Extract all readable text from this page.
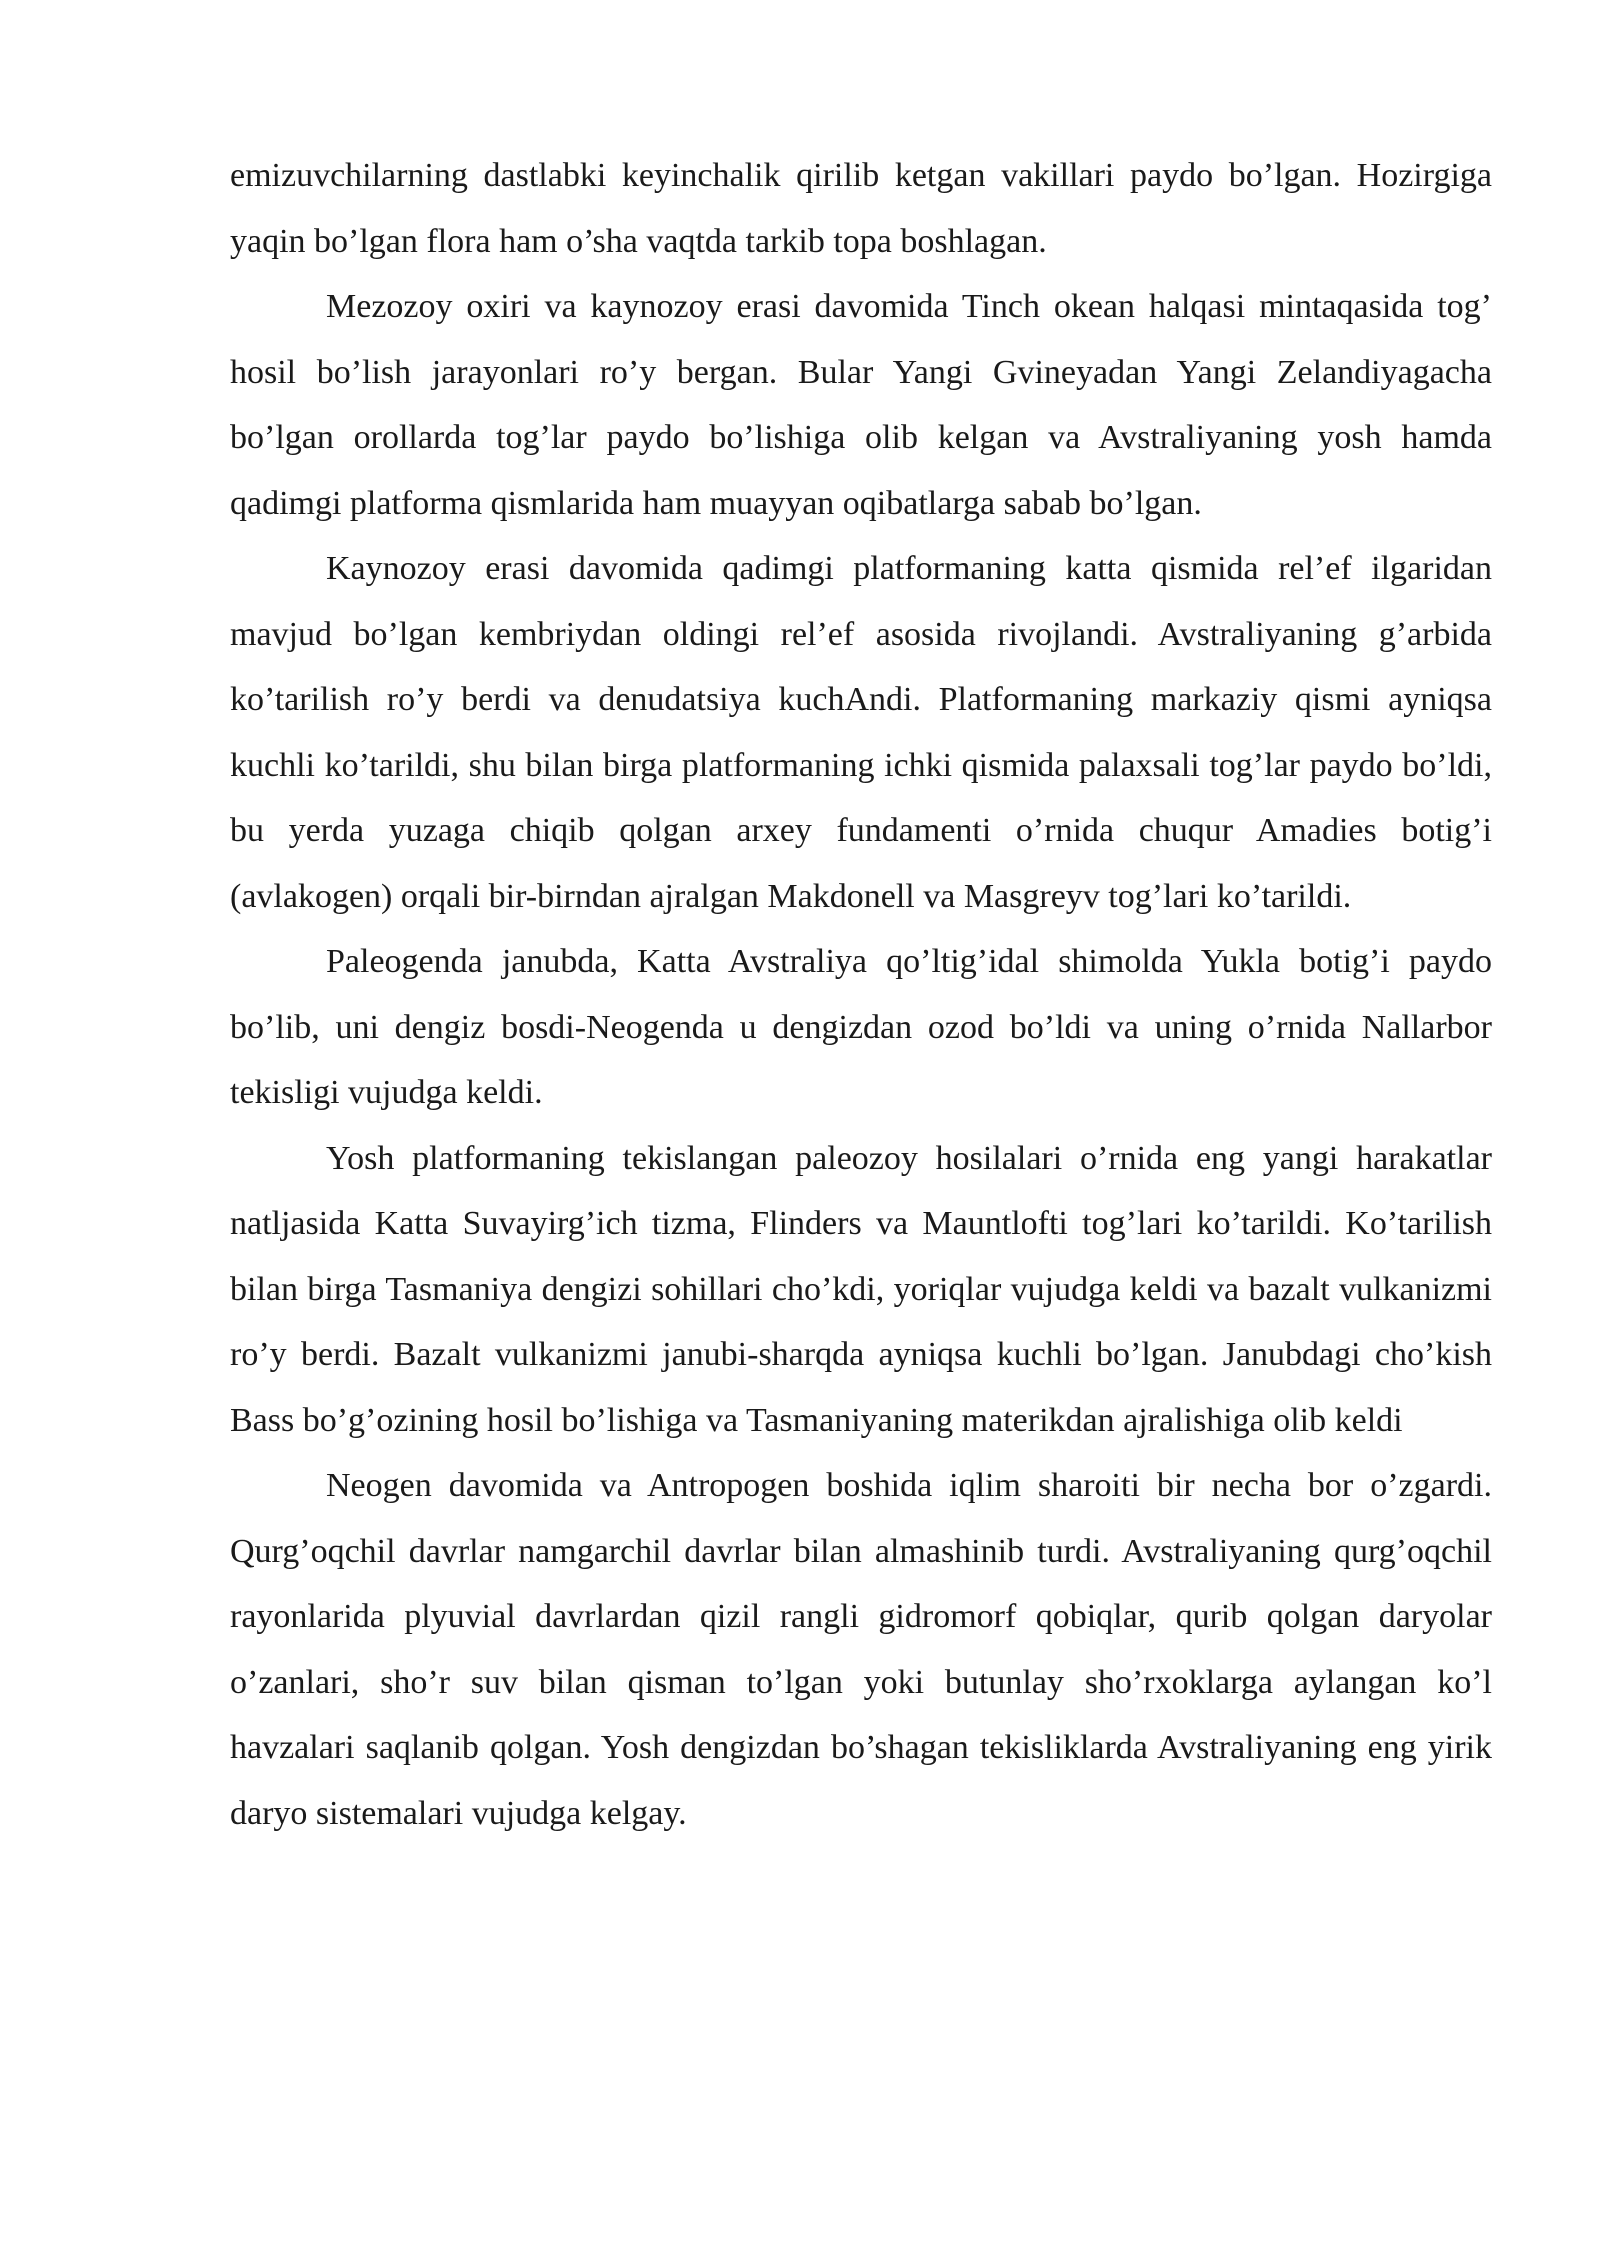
emizuvchilarning dastlabki keyinchalik qirilib ketgan vakillari paydo bo’lgan. Hozirgiga yaqin bo’lgan flora ham o’sha vaqtda tarkib topa boshlagan.

Mezozoy oxiri va kaynozoy erasi davomida Tinch okean halqasi mintaqasida tog’ hosil bo’lish jarayonlari ro’y bergan. Bular Yangi Gvineyadan Yangi Zelandiyagacha bo’lgan orollarda tog’lar paydo bo’lishiga olib kelgan va Avstraliyaning yosh hamda qadimgi platforma qismlarida ham muayyan oqibatlarga sabab bo’lgan.

Kaynozoy erasi davomida qadimgi platformaning katta qismida rel’ef ilgaridan mavjud bo’lgan kembriydan oldingi rel’ef asosida rivojlandi. Avstraliyaning g’arbida ko’tarilish ro’y berdi va denudatsiya kuchAndi. Platformaning markaziy qismi ayniqsa kuchli ko’tarildi, shu bilan birga platformaning ichki qismida palaxsali tog’lar paydo bo’ldi, bu yerda yuzaga chiqib qolgan arxey fundamenti o’rnida chuqur Amadies botig’i (avlakogen) orqali bir-birndan ajralgan Makdonell va Masgreyv tog’lari ko’tarildi.

Paleogenda janubda, Katta Avstraliya qo’ltig’idal shimolda Yukla botig’i paydo bo’lib, uni dengiz bosdi-Neogenda u dengizdan ozod bo’ldi va uning o’rnida Nallarbor tekisligi vujudga keldi.

Yosh platformaning tekislangan paleozoy hosilalari o’rnida eng yangi harakatlar natljasida Katta Suvayirg’ich tizma, Flinders va Mauntlofti tog’lari ko’tarildi. Ko’tarilish bilan birga Tasmaniya dengizi sohillari cho’kdi, yoriqlar vujudga keldi va bazalt vulkanizmi ro’y berdi. Bazalt vulkanizmi janubi-sharqda ayniqsa kuchli bo’lgan. Janubdagi cho’kish Bass bo’g’ozining hosil bo’lishiga va Tasmaniyaning materikdan ajralishiga olib keldi

Neogen davomida va Antropogen boshida iqlim sharoiti bir necha bor o’zgardi. Qurg’oqchil davrlar namgarchil davrlar bilan almashinib turdi. Avstraliyaning qurg’oqchil rayonlarida plyuvial davrlardan qizil rangli gidromorf qobiqlar, qurib qolgan daryolar o’zanlari, sho’r suv bilan qisman to’lgan yoki butunlay sho’rxoklarga aylangan ko’l havzalari saqlanib qolgan. Yosh dengizdan bo’shagan tekisliklarda Avstraliyaning eng yirik daryo sistemalari vujudga kelgay.
